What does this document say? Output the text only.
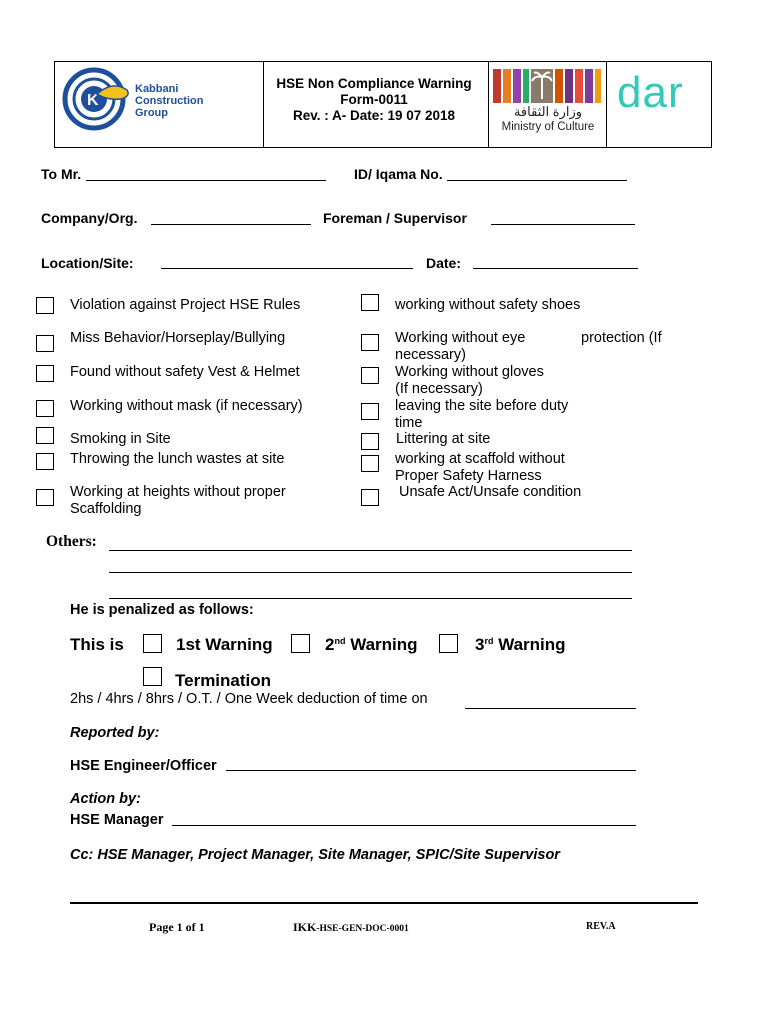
K
Kabbani
Construction
Group
HSE Non Compliance Warning
Form-0011
Rev. : A- Date: 19 07 2018	وزارة الثقافة
Ministry of Culture
dar
To Mr.	ID/ Iqama No.
Company/Org.	Foreman / Supervisor
Location/Site:	Date:
Violation against Project HSE Rules
Miss Behavior/Horseplay/Bullying
Found without safety Vest & Helmet
Working without mask (if necessary)
Smoking in Site
Throwing the lunch wastes at site
Working at heights without proper
Scaffolding
working without safety shoes
Working without eye	protection (If
necessary)
Working without gloves
(If necessary)
leaving the site before duty
time
Littering at site
working at scaffold without
Proper Safety Harness
Unsafe Act/Unsafe condition
Others:
He is penalized as follows:
This is	1st Warning	2nd Warning	3rd Warning
Termination
2hs / 4hrs / 8hrs / O.T. / One Week deduction of time on
Reported by:
HSE Engineer/Officer
Action by:
HSE Manager
Cc: HSE Manager, Project Manager, Site Manager, SPIC/Site Supervisor
Page 1 of 1	IKK-HSE-GEN-DOC-0001	REV.A
